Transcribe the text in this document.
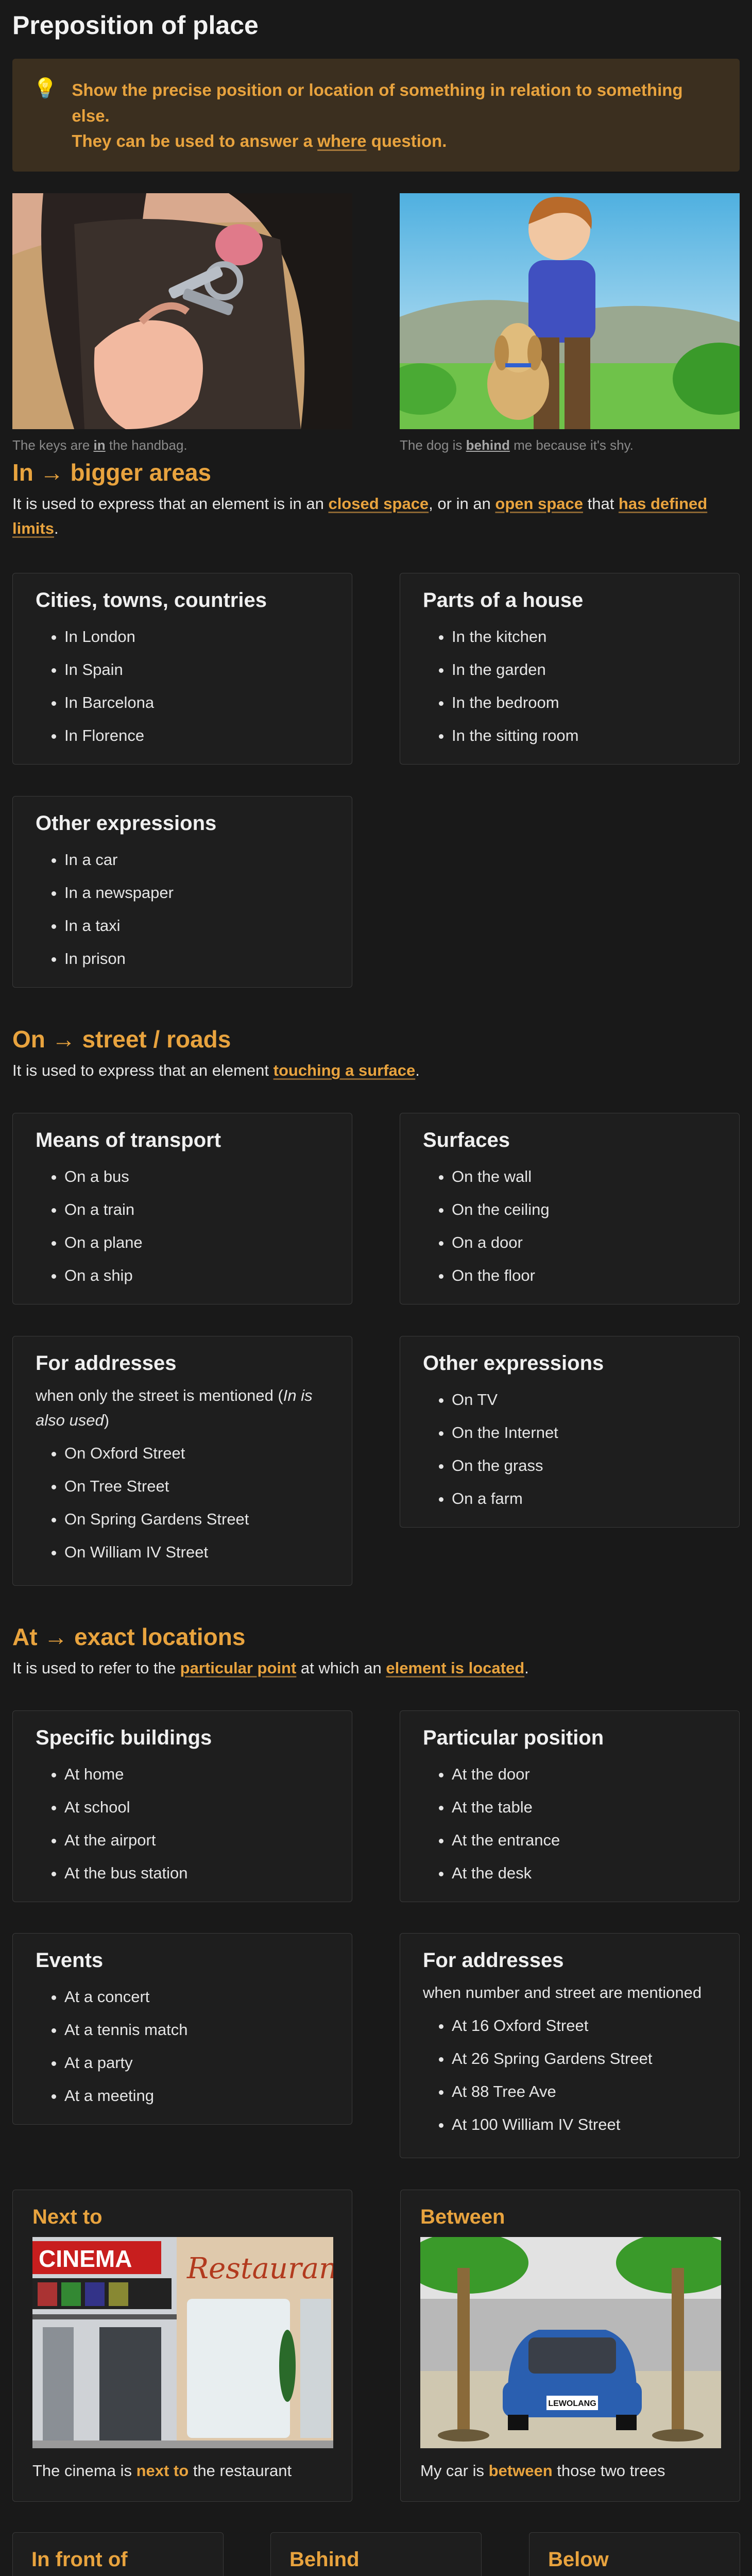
Preposition of place
💡 Show the precise position or location of something in relation to something else.
They can be used to answer a where question.
The keys are in the handbag.	The dog is behind me because it's shy.
In → bigger areas

It is used to express that an element is in an closed space, or in an open space that has defined limits.

Cities, towns, countries
• In London
• In Spain
• In Barcelona
• In Florence
Parts of a house
• In the kitchen
• In the garden
• In the bedroom
• In the sitting room
Other expressions
• In a car
• In a newspaper
• In a taxi
• In prison
On → street / roads

It is used to express that an element touching a surface.

Means of transport
• On a bus
• On a train
• On a plane
• On a ship
Surfaces
• On the wall
• On the ceiling
• On a door
• On the floor
For addresses

when only the street is mentioned (In is also used)

• On Oxford Street
• On Tree Street
• On Spring Gardens Street
• On William IV Street
Other expressions
• On TV
• On the Internet
• On the grass
• On a farm
At → exact locations

It is used to refer to the particular point at which an element is located.

Specific buildings
• At home
• At school
• At the airport
• At the bus station
Particular position
• At the door
• At the table
• At the entrance
• At the desk
Events
• At a concert
• At a tennis match
• At a party
• At a meeting
For addresses

when number and street are mentioned

• At 16 Oxford Street
• At 26 Spring Gardens Street
• At 88 Tree Ave
• At 100 William IV Street
Next to
CINEMA Restaurant
The cinema is next to the restaurant
Between
LEWOLANG
My car is between those two trees
In front of	Behind	Below
